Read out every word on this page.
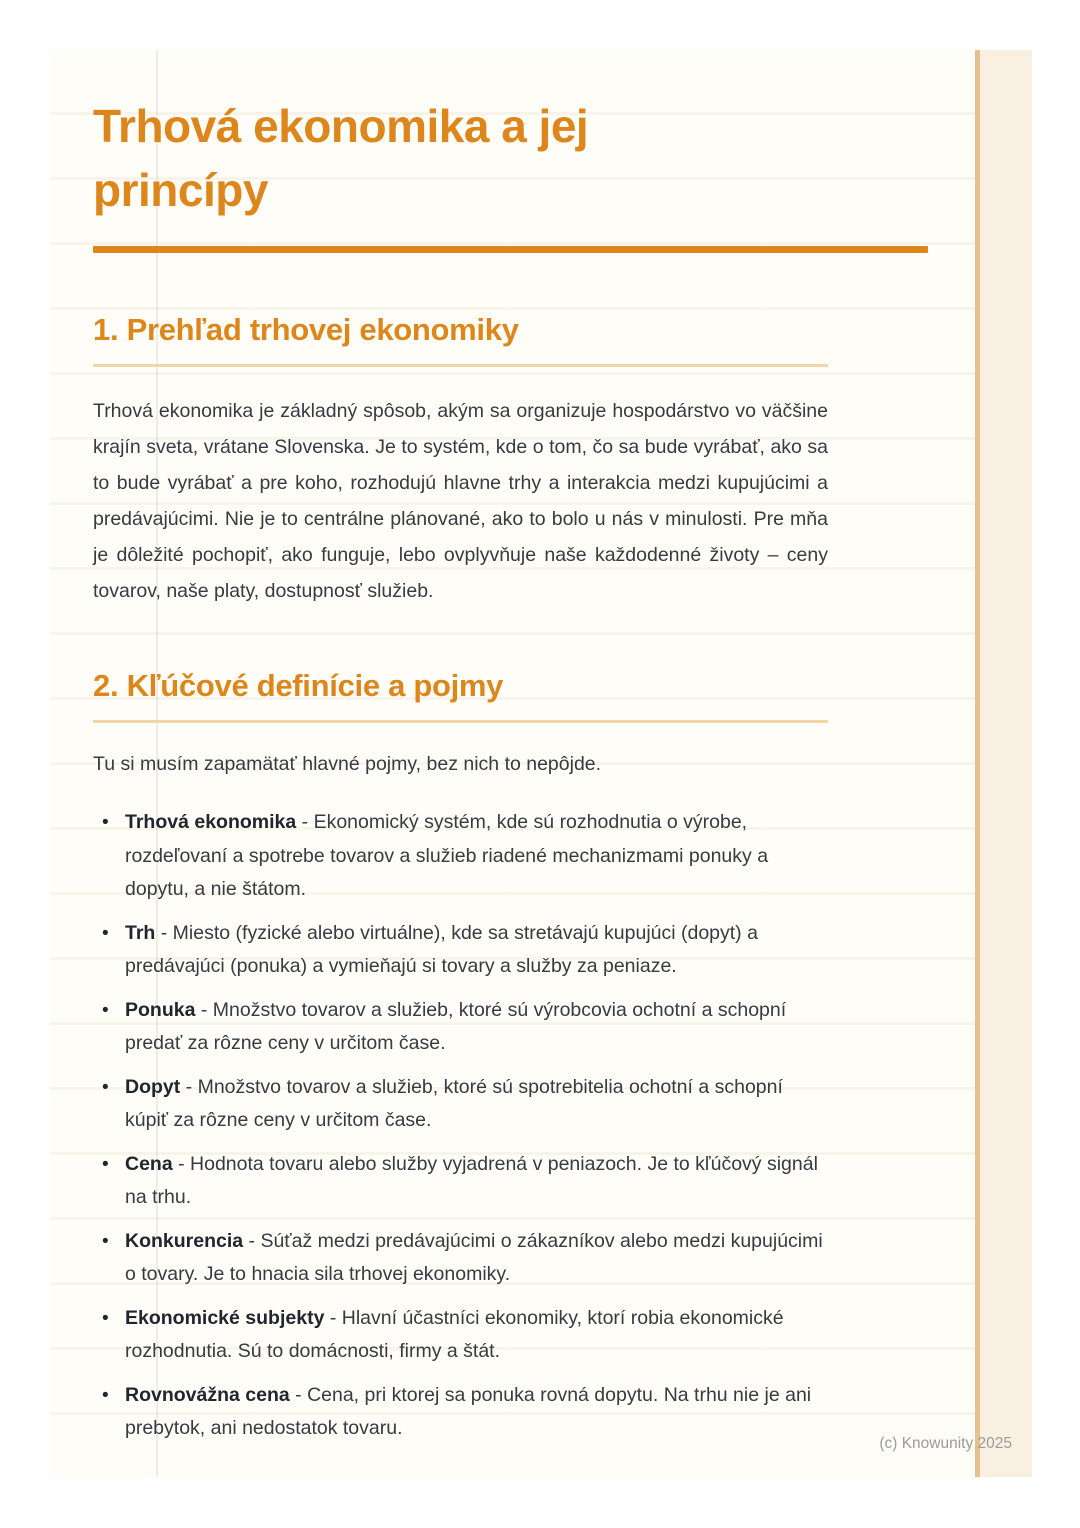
Trhová ekonomika a jej princípy
1. Prehľad trhovej ekonomiky

Trhová ekonomika je základný spôsob, akým sa organizuje hospodárstvo vo väčšine krajín sveta, vrátane Slovenska. Je to systém, kde o tom, čo sa bude vyrábať, ako sa to bude vyrábať a pre koho, rozhodujú hlavne trhy a interakcia medzi kupujúcimi a predávajúcimi. Nie je to centrálne plánované, ako to bolo u nás v minulosti. Pre mňa je dôležité pochopiť, ako funguje, lebo ovplyvňuje naše každodenné životy – ceny tovarov, naše platy, dostupnosť služieb.

2. Kľúčové definície a pojmy

Tu si musím zapamätať hlavné pojmy, bez nich to nepôjde.

• Trhová ekonomika - Ekonomický systém, kde sú rozhodnutia o výrobe, rozdeľovaní a spotrebe tovarov a služieb riadené mechanizmami ponuky a dopytu, a nie štátom.
• Trh - Miesto (fyzické alebo virtuálne), kde sa stretávajú kupujúci (dopyt) a predávajúci (ponuka) a vymieňajú si tovary a služby za peniaze.
• Ponuka - Množstvo tovarov a služieb, ktoré sú výrobcovia ochotní a schopní predať za rôzne ceny v určitom čase.
• Dopyt - Množstvo tovarov a služieb, ktoré sú spotrebitelia ochotní a schopní kúpiť za rôzne ceny v určitom čase.
• Cena - Hodnota tovaru alebo služby vyjadrená v peniazoch. Je to kľúčový signál na trhu.
• Konkurencia - Súťaž medzi predávajúcimi o zákazníkov alebo medzi kupujúcimi o tovary. Je to hnacia sila trhovej ekonomiky.
• Ekonomické subjekty - Hlavní účastníci ekonomiky, ktorí robia ekonomické rozhodnutia. Sú to domácnosti, firmy a štát.
• Rovnovážna cena - Cena, pri ktorej sa ponuka rovná dopytu. Na trhu nie je ani prebytok, ani nedostatok tovaru.
(c) Knowunity 2025
